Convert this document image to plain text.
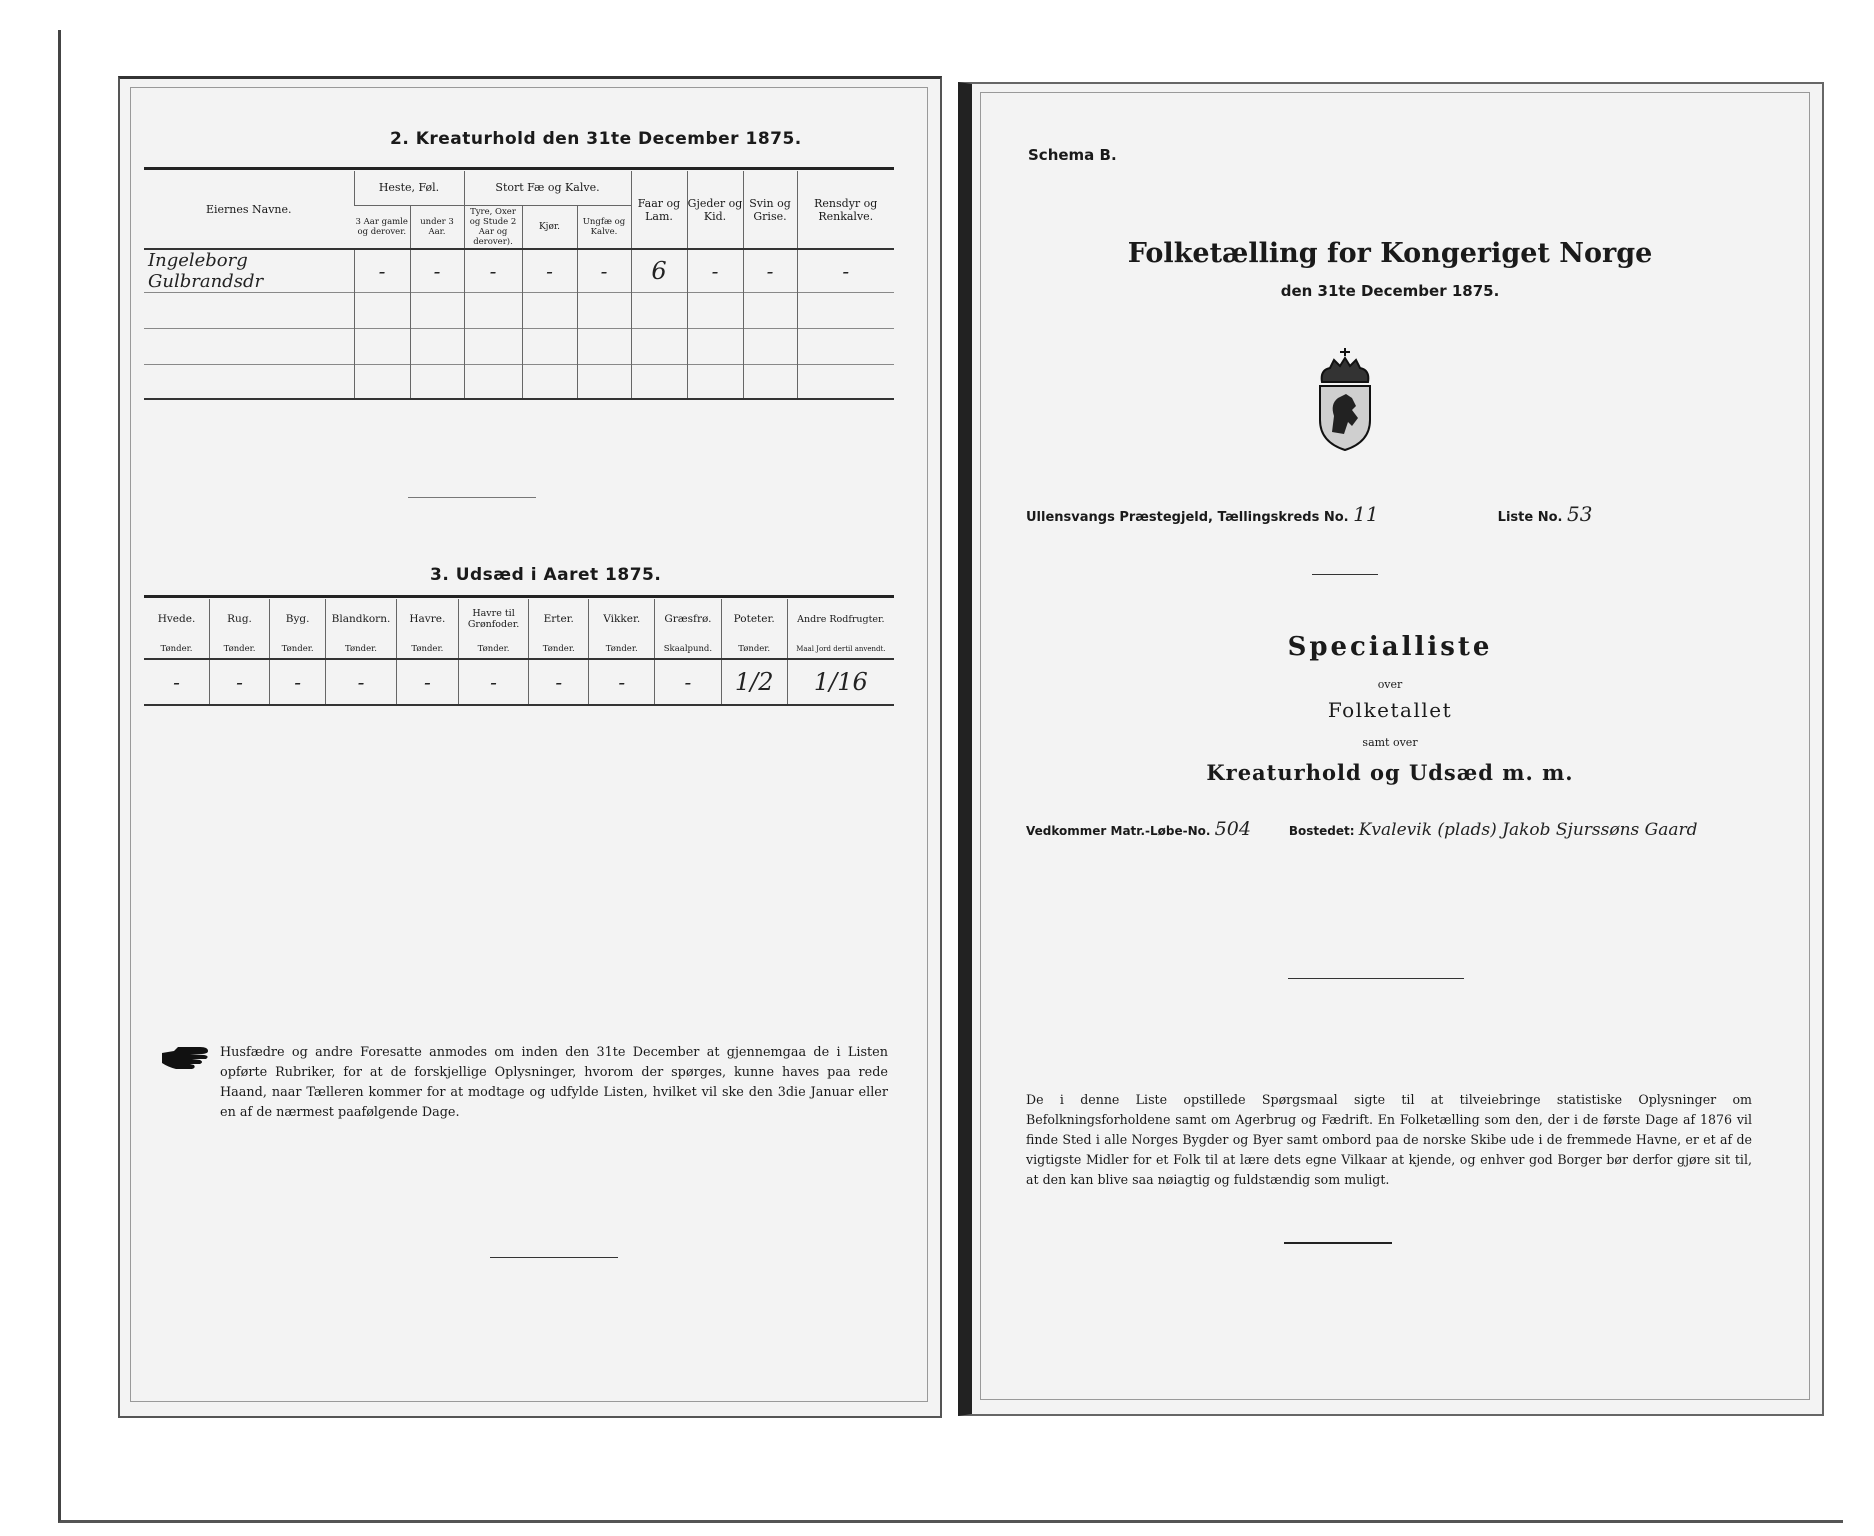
2. Kreaturhold den 31te December 1875.
Eiernes Navne.	Heste, Føl.		Stort Fæ og Kalve.			Faar og Lam.	Gjeder og Kid.	Svin og Grise.	Rensdyr og Renkalve.
	3 Aar gamle og derover.	under 3 Aar.	Tyre, Oxer og Stude 2 Aar og derover).	Kjør.	Ungfæ og Kalve.				
Ingeleborg Gulbrandsdr	-	-	-	-	-	6	-	-	-

3. Udsæd i Aaret 1875.
Hvede.	Rug.	Byg.	Blandkorn.	Havre.	Havre til Grønfoder.	Erter.	Vikker.	Græsfrø.	Poteter.	Andre Rodfrugter.
Tønder.	Tønder.	Tønder.	Tønder.	Tønder.	Tønder.	Tønder.	Tønder.	Skaalpund.	Tønder.	Maal Jord dertil anvendt.
-	-	-	-	-	-	-	-	-	1/2	1/16
Husfædre og andre Foresatte anmodes om inden den 31te December at gjennemgaa de i Listen opførte Rubriker, for at de forskjellige Oplysninger, hvorom der spørges, kunne haves paa rede Haand, naar Tælleren kommer for at modtage og udfylde Listen, hvilket vil ske den 3die Januar eller en af de nærmest paafølgende Dage.
Schema B.
Folketælling for Kongeriget Norge
den 31te December 1875.
Ullensvangs Præstegjeld, Tællingskreds No. 11	Liste No. 53
Specialliste
over
Folketallet
samt over
Kreaturhold og Udsæd m. m.
Vedkommer Matr.-Løbe-No. 504	Bostedet: Kvalevik (plads) Jakob Sjurssøns Gaard
De i denne Liste opstillede Spørgsmaal sigte til at tilveiebringe statistiske Oplysninger om Befolkningsforholdene samt om Agerbrug og Fædrift. En Folketælling som den, der i de første Dage af 1876 vil finde Sted i alle Norges Bygder og Byer samt ombord paa de norske Skibe ude i de fremmede Havne, er et af de vigtigste Midler for et Folk til at lære dets egne Vilkaar at kjende, og enhver god Borger bør derfor gjøre sit til, at den kan blive saa nøiagtig og fuldstændig som muligt.
